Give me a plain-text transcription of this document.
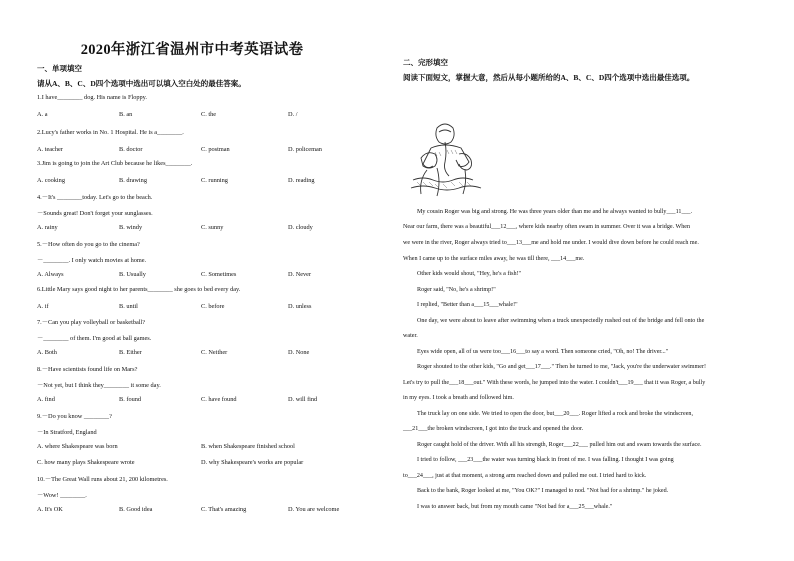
2020年浙江省温州市中考英语试卷

一、单项填空

请从A、B、C、D四个选项中选出可以填入空白处的最佳答案。

1.I have________ dog. His name is Floppy.

A. a	B. an	C. the	D. /

2.Lucy's father works in No. 1 Hospital. He is a________.

A. teacher	B. doctor	C. postman	D. policeman

3.Jim is going to join the Art Club because he likes________.

A. cooking	B. drawing	C. running	D. reading

4.－It's ________today. Let's go to the beach.

－Sounds great! Don't forget your sunglasses.

A. rainy	B. windy	C. sunny	D. cloudy

5.－How often do you go to the cinema?

－________. I only watch movies at home.

A. Always	B. Usually	C. Sometimes	D. Never

6.Little Mary says good night to her parents________ she goes to bed every day.

A. if	B. until	C. before	D. unless

7.－Can you play volleyball or basketball?

－________ of them. I'm good at ball games.

A. Both	B. Either	C. Neither	D. None

8.－Have scientists found life on Mars?

－Not yet, but I think they________ it some day.

A. find	B. found	C. have found	D. will find

9.－Do you know ________?

－In Stratford, England

A. where Shakespeare was born	B. when Shakespeare finished school
C. how many plays Shakespeare wrote	D. why Shakespeare's works are popular

10.－The Great Wall runs about 21, 200 kilometres.

－Wow! ________.

A. It's OK	B. Good idea	C. That's amazing	D. You are welcome

二、完形填空

阅读下面短文，掌握大意，然后从每小题所给的A、B、C、D四个选项中选出最佳选项。

My cousin Roger was big and strong. He was three years older than me and he always wanted to bully___11___.

Near our farm, there was a beautiful___12___, where kids nearby often swam in summer. Over it was a bridge. When

we were in the river, Roger always tried to___13___me and hold me under. I would dive down before he could reach me.

When I came up to the surface miles away, he was till there, ___14___me.

Other kids would shout, "Hey, he's a fish!"

Roger said, "No, he's a shrimp!"

I replied, "Better than a___15___whale!"

One day, we were about to leave after swimming when a truck unexpectedly rushed out of the bridge and fell onto the

water.

Eyes wide open, all of us were too___16___to say a word. Then someone cried, "Oh, no! The driver..."

Roger shouted to the other kids, "Go and get___17___." Then he turned to me, "Jack, you're the underwater swimmer!

Let's try to pull the___18___out." With these words, he jumped into the water. I couldn't___19___ that it was Roger, a bully

in my eyes. I took a breath and followed him.

The truck lay on one side. We tried to open the door, but___20___. Roger lifted a rock and broke the windscreen,

___21___the broken windscreen, I got into the truck and opened the door.

Roger caught hold of the driver. With all his strength, Roger___22___ pulled him out and swam towards the surface.

I tried to follow, ___23___the water was turning black in front of me. I was falling. I thought I was going

to___24___, just at that moment, a strong arm reached down and pulled me out. I tried hard to kick.

Back to the bank, Roger looked at me, "You OK?" I managed to nod. "Not bad for a shrimp." he joked.

I was to answer back, but from my mouth came "Not bad for a___25___whale."
